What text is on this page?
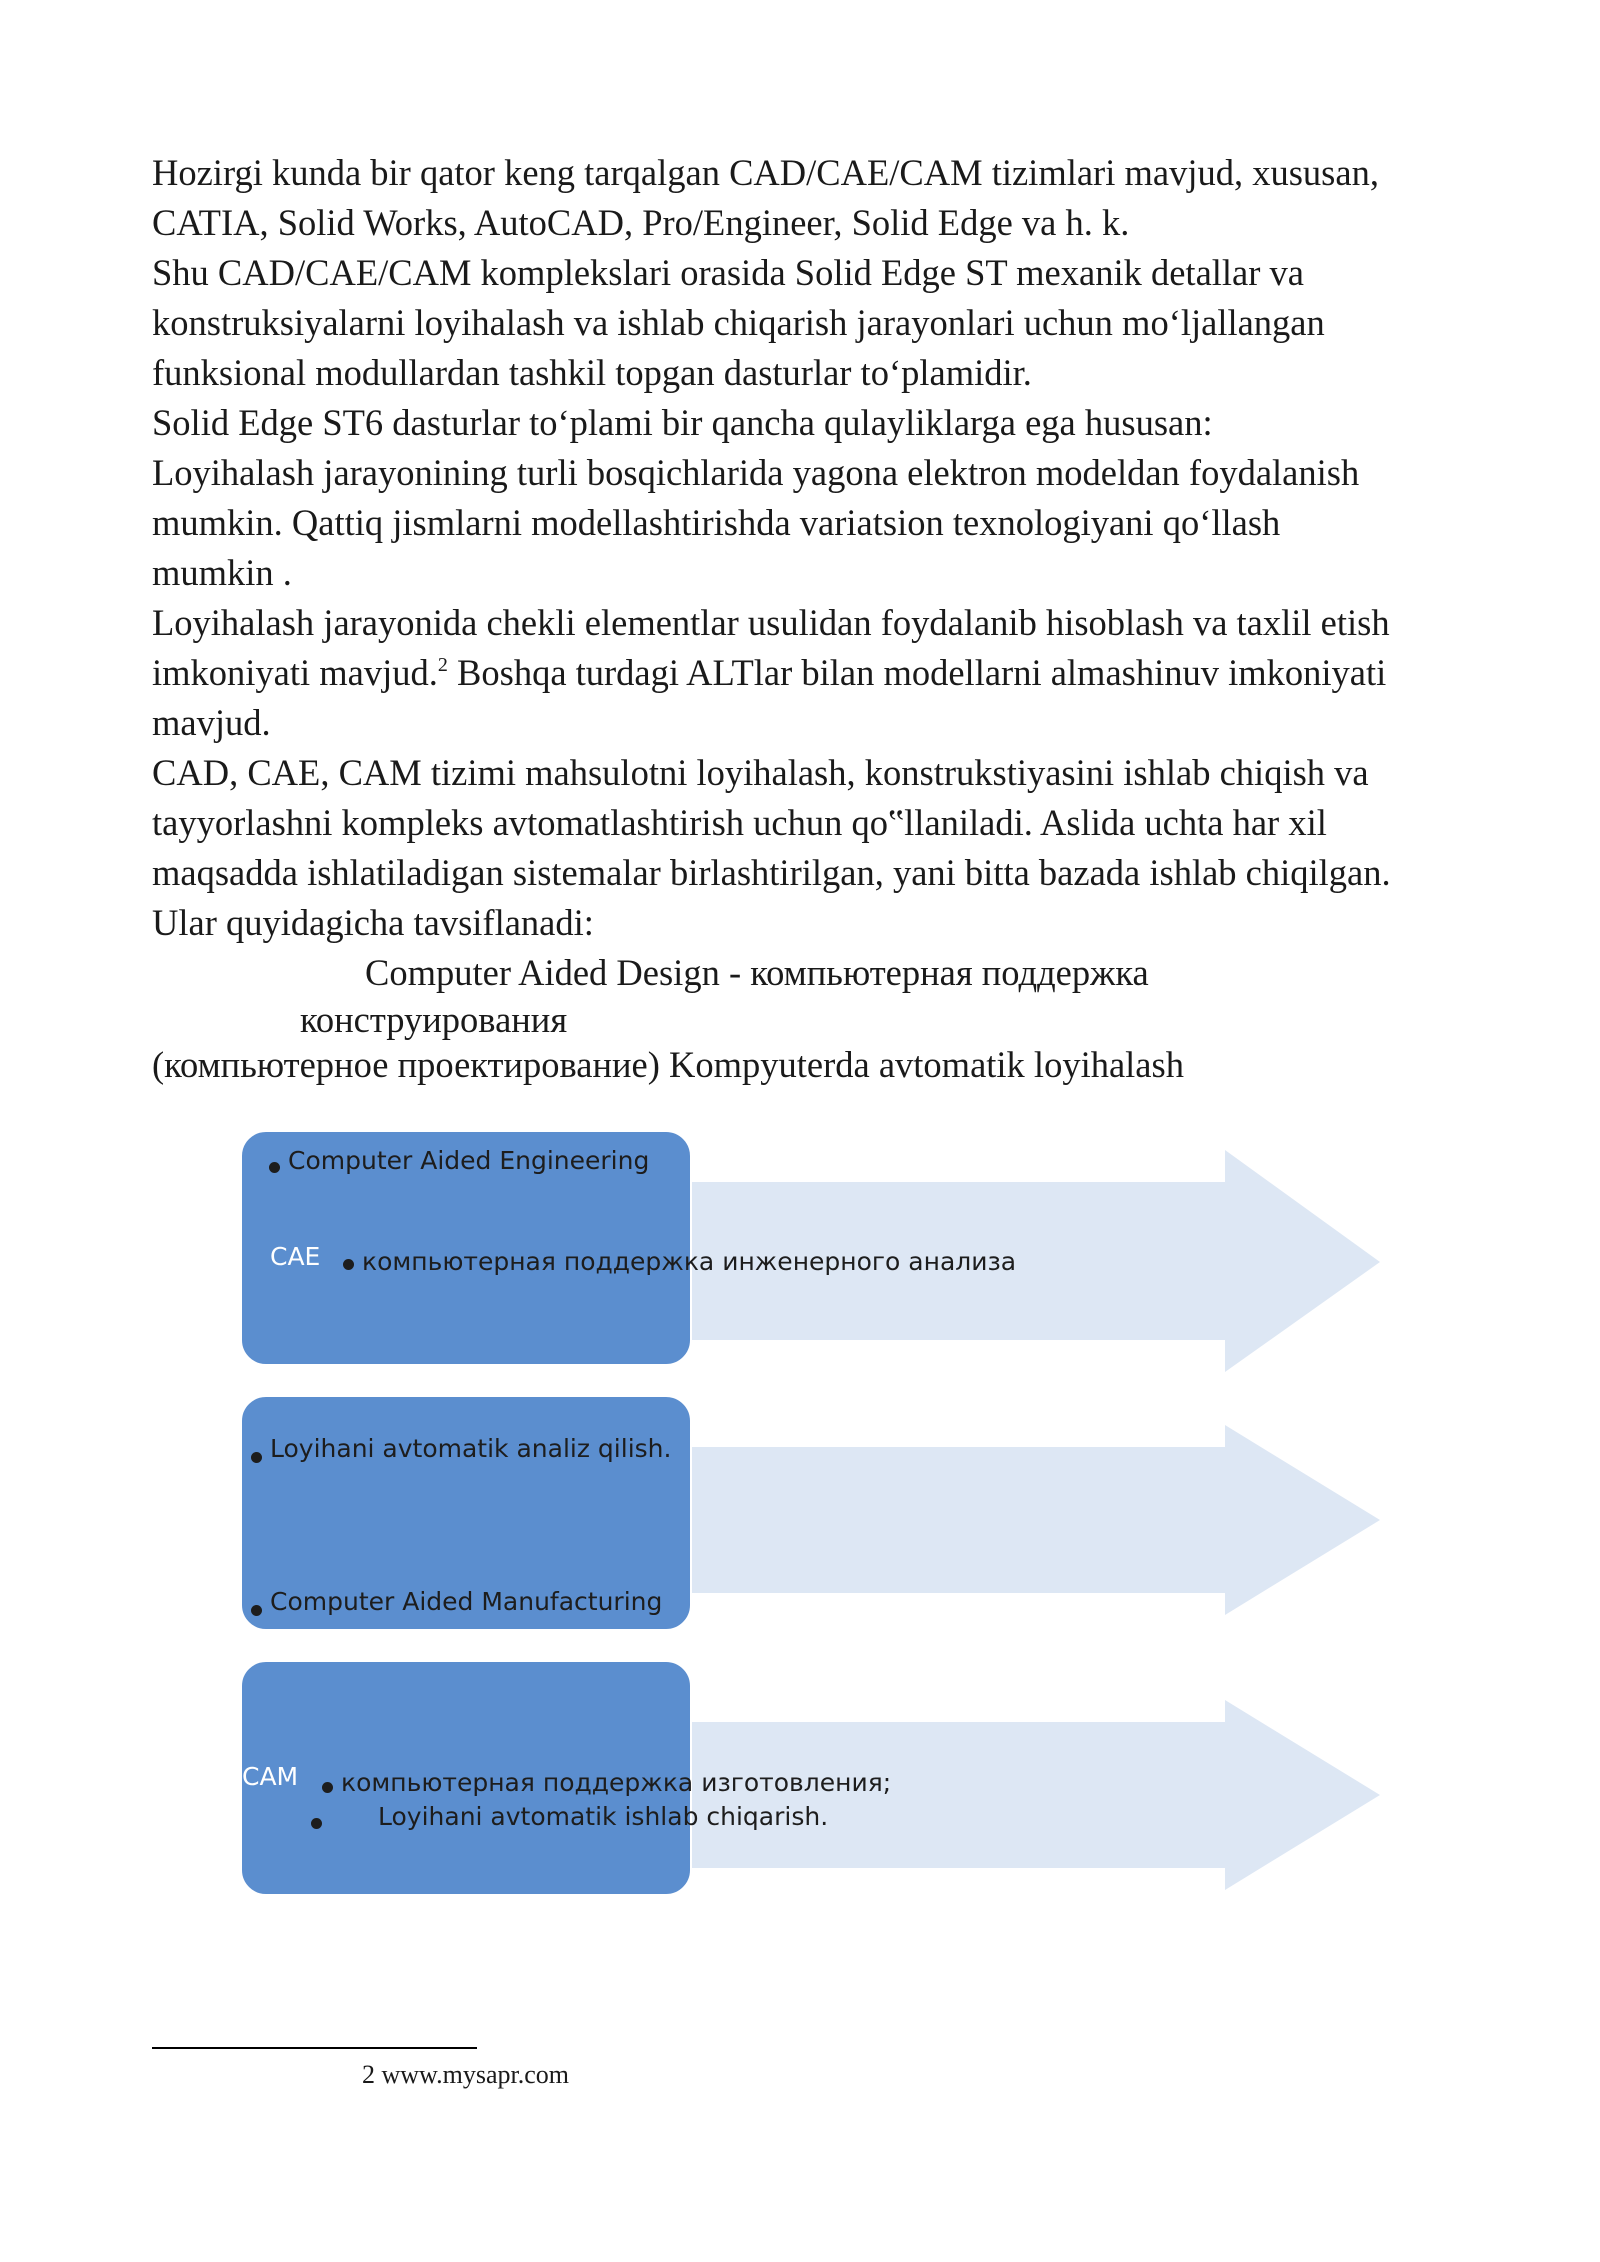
Hozirgi kunda bir qator keng tarqalgan CAD/CAE/CAM tizimlari mavjud, xususan,

CATIA, Solid Works, AutoCAD, Pro/Engineer, Solid Edge va h. k.

Shu CAD/CAE/CAM komplekslari orasida Solid Edge ST mexanik detallar va

konstruksiyalarni loyihalash va ishlab chiqarish jarayonlari uchun mo‘ljallangan

funksional modullardan tashkil topgan dasturlar to‘plamidir.

Solid Edge ST6 dasturlar to‘plami bir qancha qulayliklarga ega hususan:

Loyihalash jarayonining turli bosqichlarida yagona elektron modeldan foydalanish

mumkin. Qattiq jismlarni modellashtirishda variatsion texnologiyani qo‘llash

mumkin .

Loyihalash jarayonida chekli elementlar usulidan foydalanib hisoblash va taxlil etish

imkoniyati mavjud.$^2$ Boshqa turdagi ALTlar bilan modellarni almashinuv imkoniyati

mavjud.

CAD, CAE, CAM tizimi mahsulotni loyihalash, konstrukstiyasini ishlab chiqish va

tayyorlashni kompleks avtomatlashtirish uchun qo‟llaniladi. Aslida uchta har xil

maqsadda ishlatiladigan sistemalar birlashtirilgan, yani bitta bazada ishlab chiqilgan.

Ular quyidagicha tavsiflanadi:

Computer Aided Design - компьютерная поддержка
конструирования
(компьютерное проектирование) Kompyuterda avtomatik loyihalash
Computer Aided Engineering
CAE компьютерная поддержка инженерного анализа
Loyihani avtomatik analiz qilish.
Computer Aided Manufacturing
CAM компьютерная поддержка изготовления;
Loyihani avtomatik ishlab chiqarish.
2 www.mysapr.com
